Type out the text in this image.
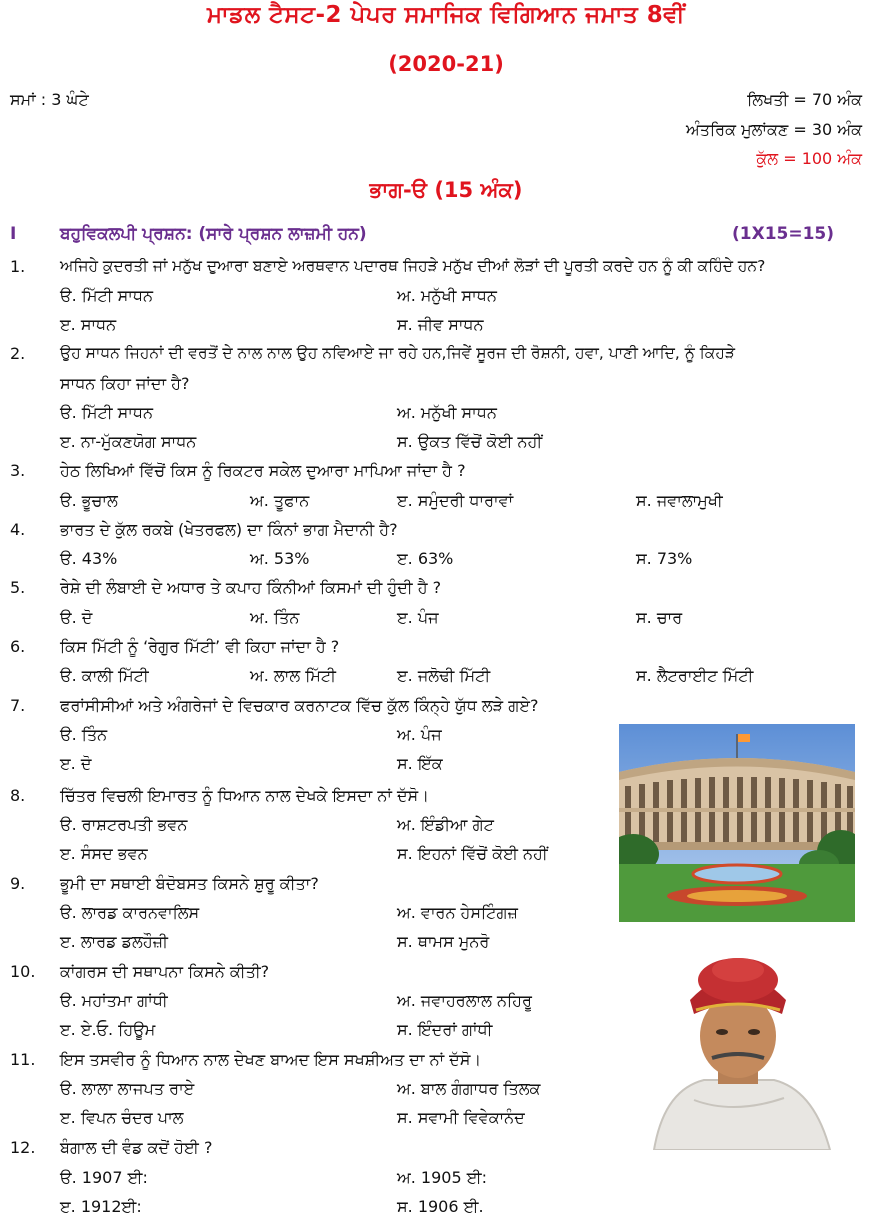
ਮਾਡਲ ਟੈਸਟ-2 ਪੇਪਰ ਸਮਾਜਿਕ ਵਿਗਿਆਨ ਜਮਾਤ 8ਵੀਂ
(2020-21)
ਸਮਾਂ : 3 ਘੰਟੇ	ਲਿਖਤੀ = 70 ਅੰਕ
ਅੰਤਰਿਕ ਮੁਲਾਂਕਣ = 30 ਅੰਕ
ਕੁੱਲ = 100 ਅੰਕ
ਭਾਗ-ੳ (15 ਅੰਕ)
I	ਬਹੁਵਿਕਲਪੀ ਪ੍ਰਸ਼ਨ: (ਸਾਰੇ ਪ੍ਰਸ਼ਨ ਲਾਜ਼ਮੀ ਹਨ)	(1X15=15)
1. ਅਜਿਹੇ ਕੁਦਰਤੀ ਜਾਂ ਮਨੁੱਖ ਦੁਆਰਾ ਬਣਾਏ ਅਰਥਵਾਨ ਪਦਾਰਥ ਜਿਹੜੇ ਮਨੁੱਖ ਦੀਆਂ ਲੋੜਾਂ ਦੀ ਪੂਰਤੀ ਕਰਦੇ ਹਨ ਨੂੰ ਕੀ ਕਹਿੰਦੇ ਹਨ?
ੳ. ਮਿੱਟੀ ਸਾਧਨ	ਅ. ਮਨੁੱਖੀ ਸਾਧਨ
ੲ. ਸਾਧਨ	ਸ. ਜੀਵ ਸਾਧਨ
2. ਉਹ ਸਾਧਨ ਜਿਹਨਾਂ ਦੀ ਵਰਤੋਂ ਦੇ ਨਾਲ ਨਾਲ ਉਹ ਨਵਿਆਏ ਜਾ ਰਹੇ ਹਨ,ਜਿਵੇਂ ਸੂਰਜ ਦੀ ਰੋਸ਼ਨੀ, ਹਵਾ, ਪਾਣੀ ਆਦਿ, ਨੂੰ ਕਿਹੜੇ
ਸਾਧਨ ਕਿਹਾ ਜਾਂਦਾ ਹੈ?
ੳ. ਮਿੱਟੀ ਸਾਧਨ	ਅ. ਮਨੁੱਖੀ ਸਾਧਨ
ੲ. ਨਾ-ਮੁੱਕਣਯੋਗ ਸਾਧਨ	ਸ. ਉਕਤ ਵਿੱਚੋਂ ਕੋਈ ਨਹੀਂ
3. ਹੇਠ ਲਿਖਿਆਂ ਵਿੱਚੋਂ ਕਿਸ ਨੂੰ ਰਿਕਟਰ ਸਕੇਲ ਦੁਆਰਾ ਮਾਪਿਆ ਜਾਂਦਾ ਹੈ ?
ੳ. ਭੂਚਾਲ	ਅ. ਤੂਫਾਨ	ੲ. ਸਮੁੰਦਰੀ ਧਾਰਾਵਾਂ	ਸ. ਜਵਾਲਾਮੁਖੀ
4. ਭਾਰਤ ਦੇ ਕੁੱਲ ਰਕਬੇ (ਖੇਤਰਫਲ) ਦਾ ਕਿੰਨਾਂ ਭਾਗ ਮੈਦਾਨੀ ਹੈ?
ੳ. 43%	ਅ. 53%	ੲ. 63%	ਸ. 73%
5. ਰੇਸ਼ੇ ਦੀ ਲੰਬਾਈ ਦੇ ਅਧਾਰ ਤੇ ਕਪਾਹ ਕਿੰਨੀਆਂ ਕਿਸਮਾਂ ਦੀ ਹੁੰਦੀ ਹੈ ?
ੳ. ਦੋ	ਅ. ਤਿੰਨ	ੲ. ਪੰਜ	ਸ. ਚਾਰ
6. ਕਿਸ ਮਿੱਟੀ ਨੂੰ ‘ਰੇਗੁਰ ਮਿੱਟੀ’ ਵੀ ਕਿਹਾ ਜਾਂਦਾ ਹੈ ?
ੳ. ਕਾਲੀ ਮਿੱਟੀ	ਅ. ਲਾਲ ਮਿੱਟੀ	ੲ. ਜਲੋਢੀ ਮਿੱਟੀ	ਸ. ਲੈਟਰਾਈਟ ਮਿੱਟੀ
7. ਫਰਾਂਸੀਸੀਆਂ ਅਤੇ ਅੰਗਰੇਜਾਂ ਦੇ ਵਿਚਕਾਰ ਕਰਨਾਟਕ ਵਿੱਚ ਕੁੱਲ ਕਿੰਨ੍ਹੇ ਯੁੱਧ ਲੜੇ ਗਏ?
ੳ. ਤਿੰਨ	ਅ. ਪੰਜ
ੲ. ਦੋ	ਸ. ਇੱਕ
8. ਚਿੱਤਰ ਵਿਚਲੀ ਇਮਾਰਤ ਨੂੰ ਧਿਆਨ ਨਾਲ ਦੇਖਕੇ ਇਸਦਾ ਨਾਂ ਦੱਸੋ।
ੳ. ਰਾਸ਼ਟਰਪਤੀ ਭਵਨ	ਅ. ਇੰਡੀਆ ਗੇਟ
ੲ. ਸੰਸਦ ਭਵਨ	ਸ. ਇਹਨਾਂ ਵਿੱਚੋਂ ਕੋਈ ਨਹੀਂ
9. ਭੂਮੀ ਦਾ ਸਥਾਈ ਬੰਦੋਬਸਤ ਕਿਸਨੇ ਸ਼ੁਰੂ ਕੀਤਾ?
ੳ. ਲਾਰਡ ਕਾਰਨਵਾਲਿਸ	ਅ. ਵਾਰਨ ਹੇਸਟਿੰਗਜ਼
ੲ. ਲਾਰਡ ਡਲਹੌਜ਼ੀ	ਸ. ਥਾਮਸ ਮੁਨਰੋ
10. ਕਾਂਗਰਸ ਦੀ ਸਥਾਪਨਾ ਕਿਸਨੇ ਕੀਤੀ?
ੳ. ਮਹਾਂਤਮਾ ਗਾਂਧੀ	ਅ. ਜਵਾਹਰਲਾਲ ਨਹਿਰੂ
ੲ. ਏ.ਓ. ਹਿਊਮ	ਸ. ਇੰਦਰਾਂ ਗਾਂਧੀ
11. ਇਸ ਤਸਵੀਰ ਨੂੰ ਧਿਆਨ ਨਾਲ ਦੇਖਣ ਬਾਅਦ ਇਸ ਸਖਸ਼ੀਅਤ ਦਾ ਨਾਂ ਦੱਸੋ।
ੳ. ਲਾਲਾ ਲਾਜਪਤ ਰਾਏ	ਅ. ਬਾਲ ਗੰਗਾਧਰ ਤਿਲਕ
ੲ. ਵਿਪਨ ਚੰਦਰ ਪਾਲ	ਸ. ਸਵਾਮੀ ਵਿਵੇਕਾਨੰਦ
12. ਬੰਗਾਲ ਦੀ ਵੰਡ ਕਦੋਂ ਹੋਈ ?
ੳ. 1907 ਈ:	ਅ. 1905 ਈ:
ੲ. 1912ਈ:	ਸ. 1906 ਈ.
